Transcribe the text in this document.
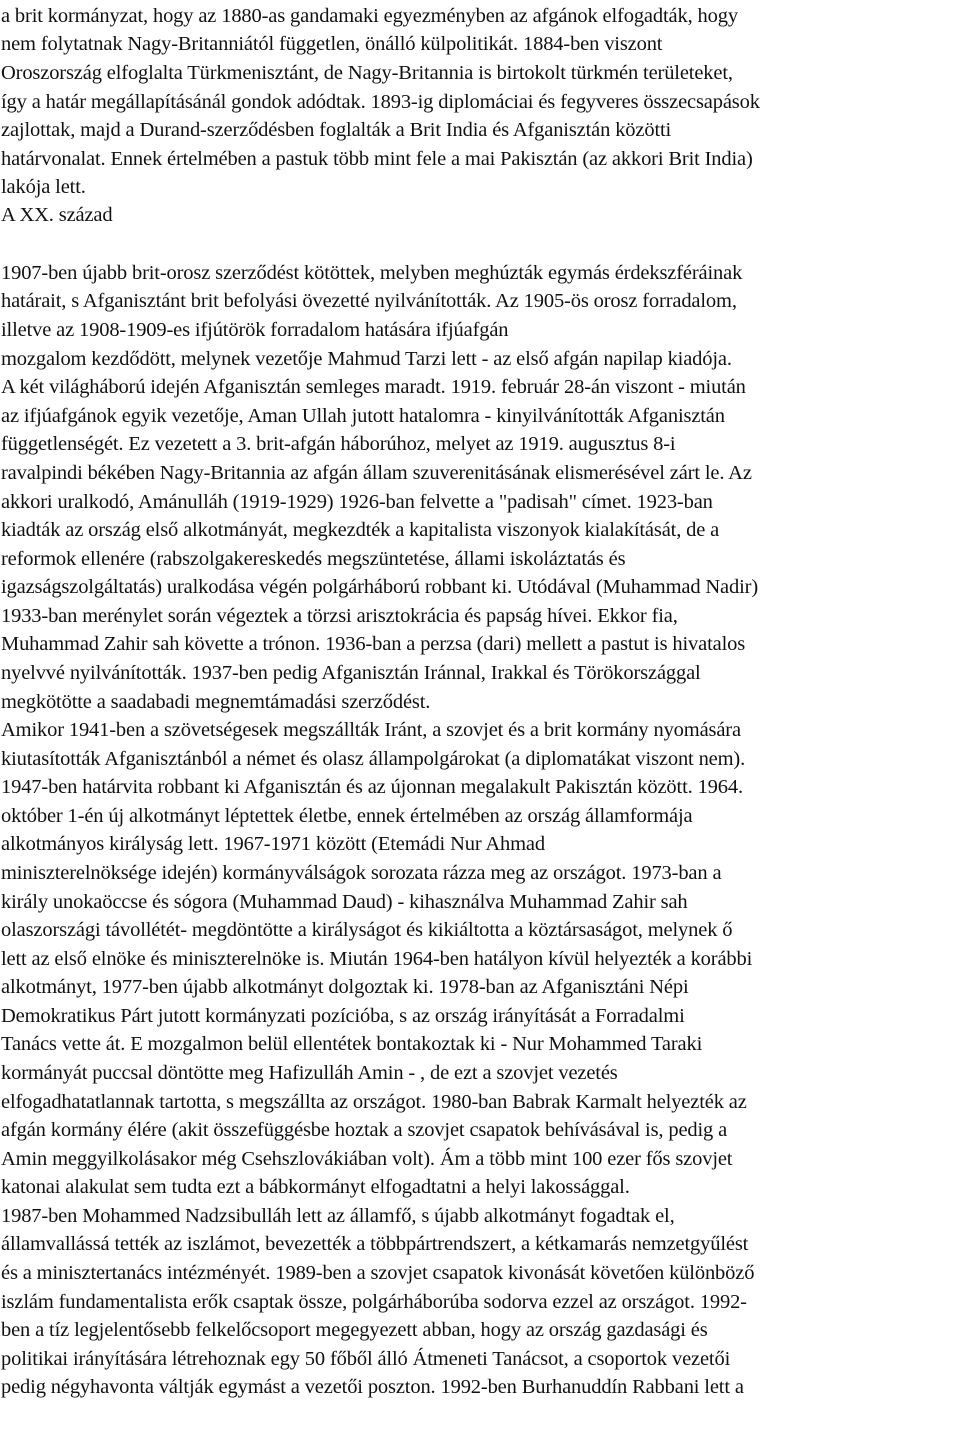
a brit kormányzat, hogy az 1880-as gandamaki egyezményben az afgánok elfogadták, hogy
nem folytatnak Nagy-Britanniától független, önálló külpolitikát. 1884-ben viszont
Oroszország elfoglalta Türkmenisztánt, de Nagy-Britannia is birtokolt türkmén területeket,
így a határ megállapításánál gondok adódtak. 1893-ig diplomáciai és fegyveres összecsapások
zajlottak, majd a Durand-szerződésben foglalták a Brit India és Afganisztán közötti
határvonalat. Ennek értelmében a pastuk több mint fele a mai Pakisztán (az akkori Brit India)
lakója lett.
A XX. század
1907-ben újabb brit-orosz szerződést kötöttek, melyben meghúzták egymás érdekszféráinak
határait, s Afganisztánt brit befolyási övezetté nyilvánították. Az 1905-ös orosz forradalom,
illetve az 1908-1909-es ifjútörök forradalom hatására ifjúafgán
mozgalom kezdődött, melynek vezetője Mahmud Tarzi lett - az első afgán napilap kiadója.
A két világháború idején Afganisztán semleges maradt. 1919. február 28-án viszont - miután
az ifjúafgánok egyik vezetője, Aman Ullah jutott hatalomra - kinyilvánították Afganisztán
függetlenségét. Ez vezetett a 3. brit-afgán háborúhoz, melyet az 1919. augusztus 8-i
ravalpindi békében Nagy-Britannia az afgán állam szuverenitásának elismerésével zárt le. Az
akkori uralkodó, Amánulláh (1919-1929) 1926-ban felvette a "padisah" címet. 1923-ban
kiadták az ország első alkotmányát, megkezdték a kapitalista viszonyok kialakítását, de a
reformok ellenére (rabszolgakereskedés megszüntetése, állami iskoláztatás és
igazságszolgáltatás) uralkodása végén polgárháború robbant ki. Utódával (Muhammad Nadir)
1933-ban merénylet során végeztek a törzsi arisztokrácia és papság hívei. Ekkor fia,
Muhammad Zahir sah követte a trónon. 1936-ban a perzsa (dari) mellett a pastut is hivatalos
nyelvvé nyilvánították. 1937-ben pedig Afganisztán Iránnal, Irakkal és Törökországgal
megkötötte a saadabadi megnemtámadási szerződést.
Amikor 1941-ben a szövetségesek megszállták Iránt, a szovjet és a brit kormány nyomására
kiutasították Afganisztánból a német és olasz állampolgárokat (a diplomatákat viszont nem).
1947-ben határvita robbant ki Afganisztán és az újonnan megalakult Pakisztán között. 1964.
október 1-én új alkotmányt léptettek életbe, ennek értelmében az ország államformája
alkotmányos királyság lett. 1967-1971 között (Etemádi Nur Ahmad
miniszterelnöksége idején) kormányválságok sorozata rázza meg az országot. 1973-ban a
király unokaöccse és sógora (Muhammad Daud) - kihasználva Muhammad Zahir sah
olaszországi távollétét- megdöntötte a királyságot és kikiáltotta a köztársaságot, melynek ő
lett az első elnöke és miniszterelnöke is. Miután 1964-ben hatályon kívül helyezték a korábbi
alkotmányt, 1977-ben újabb alkotmányt dolgoztak ki. 1978-ban az Afganisztáni Népi
Demokratikus Párt jutott kormányzati pozícióba, s az ország irányítását a Forradalmi
Tanács vette át. E mozgalmon belül ellentétek bontakoztak ki - Nur Mohammed Taraki
kormányát puccsal döntötte meg Hafizulláh Amin - , de ezt a szovjet vezetés
elfogadhatatlannak tartotta, s megszállta az országot. 1980-ban Babrak Karmalt helyezték az
afgán kormány élére (akit összefüggésbe hoztak a szovjet csapatok behívásával is, pedig a
Amin meggyilkolásakor még Csehszlovákiában volt). Ám a több mint 100 ezer fős szovjet
katonai alakulat sem tudta ezt a bábkormányt elfogadtatni a helyi lakossággal.
1987-ben Mohammed Nadzsibulláh lett az államfő, s újabb alkotmányt fogadtak el,
államvallássá tették az iszlámot, bevezették a többpártrendszert, a kétkamarás nemzetgyűlést
és a minisztertanács intézményét. 1989-ben a szovjet csapatok kivonását követően különböző
iszlám fundamentalista erők csaptak össze, polgárháborúba sodorva ezzel az országot. 1992-
ben a tíz legjelentősebb felkelőcsoport megegyezett abban, hogy az ország gazdasági és
politikai irányítására létrehoznak egy 50 főből álló Átmeneti Tanácsot, a csoportok vezetői
pedig négyhavonta váltják egymást a vezetői poszton. 1992-ben Burhanuddín Rabbani lett a
